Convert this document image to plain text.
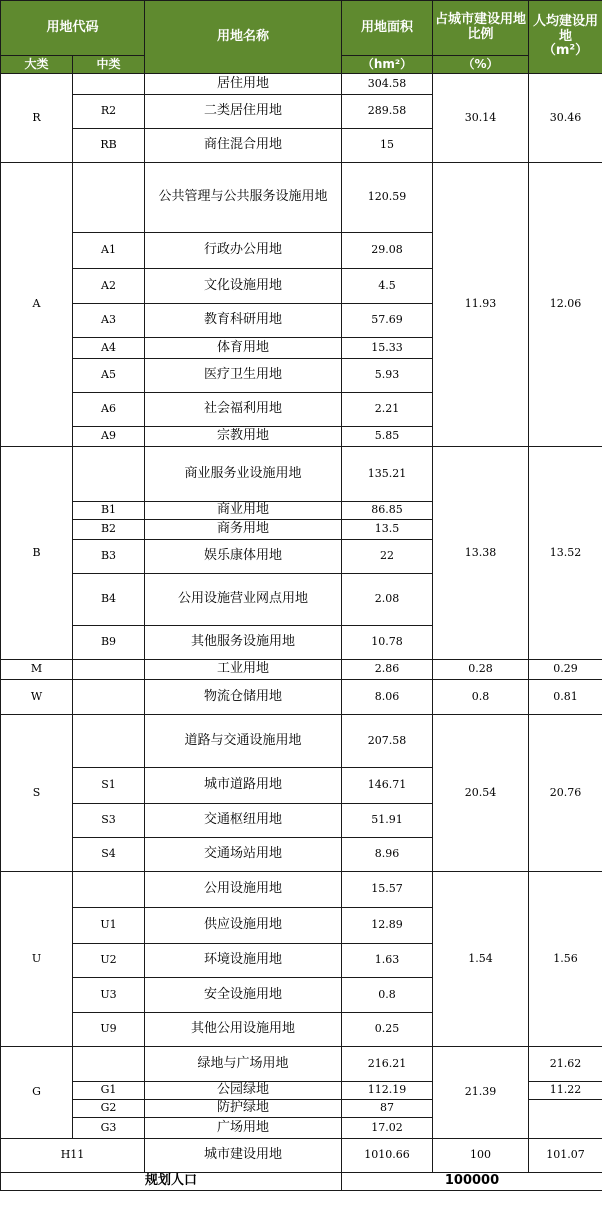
用地代码		用地名称	用地面积	占城市建设用地比例	人均建设用地
（m²）
大类	中类		（hm²）	（%）	
R		居住用地	304.58	30.14	30.46
	R2	二类居住用地	289.58		
	RB	商住混合用地	15		
A		公共管理与公共服务设施用地	120.59	11.93	12.06
	A1	行政办公用地	29.08		
	A2	文化设施用地	4.5		
	A3	教育科研用地	57.69		
	A4	体育用地	15.33		
	A5	医疗卫生用地	5.93		
	A6	社会福利用地	2.21		
	A9	宗教用地	5.85		
B		商业服务业设施用地	135.21	13.38	13.52
	B1	商业用地	86.85		
	B2	商务用地	13.5		
	B3	娱乐康体用地	22		
	B4	公用设施营业网点用地	2.08		
	B9	其他服务设施用地	10.78		
M		工业用地	2.86	0.28	0.29
W		物流仓储用地	8.06	0.8	0.81
S		道路与交通设施用地	207.58	20.54	20.76
	S1	城市道路用地	146.71		
	S3	交通枢纽用地	51.91		
	S4	交通场站用地	8.96		
U		公用设施用地	15.57	1.54	1.56
	U1	供应设施用地	12.89		
	U2	环境设施用地	1.63		
	U3	安全设施用地	0.8		
	U9	其他公用设施用地	0.25		
G		绿地与广场用地	216.21	21.39	21.62
	G1	公园绿地	112.19		11.22
	G2	防护绿地	87		
	G3	广场用地	17.02		
H11		城市建设用地	1010.66	100	101.07
规划人口			100000		
